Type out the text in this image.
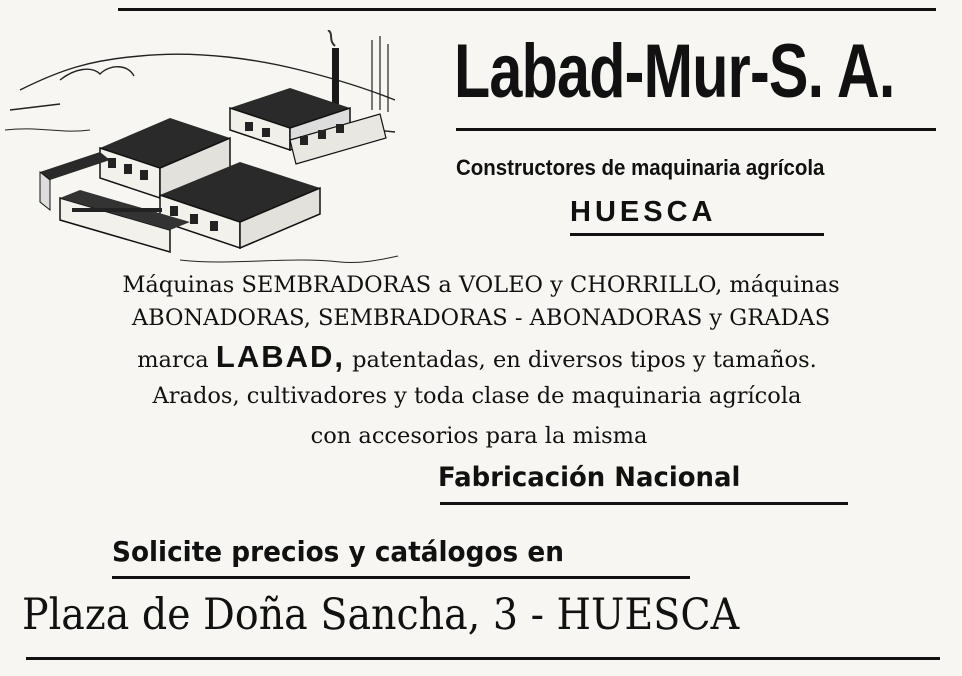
Labad-Mur-S. A.
Constructores de maquinaria agrícola
HUESCA
Máquinas SEMBRADORAS a VOLEO y CHORRILLO, máquinas
ABONADORAS, SEMBRADORAS - ABONADORAS y GRADAS
marca LABAD, patentadas, en diversos tipos y tamaños.
Arados, cultivadores y toda clase de maquinaria agrícola
con accesorios para la misma
Fabricación Nacional
Solicite precios y catálogos en
Plaza de Doña Sancha, 3 - HUESCA
